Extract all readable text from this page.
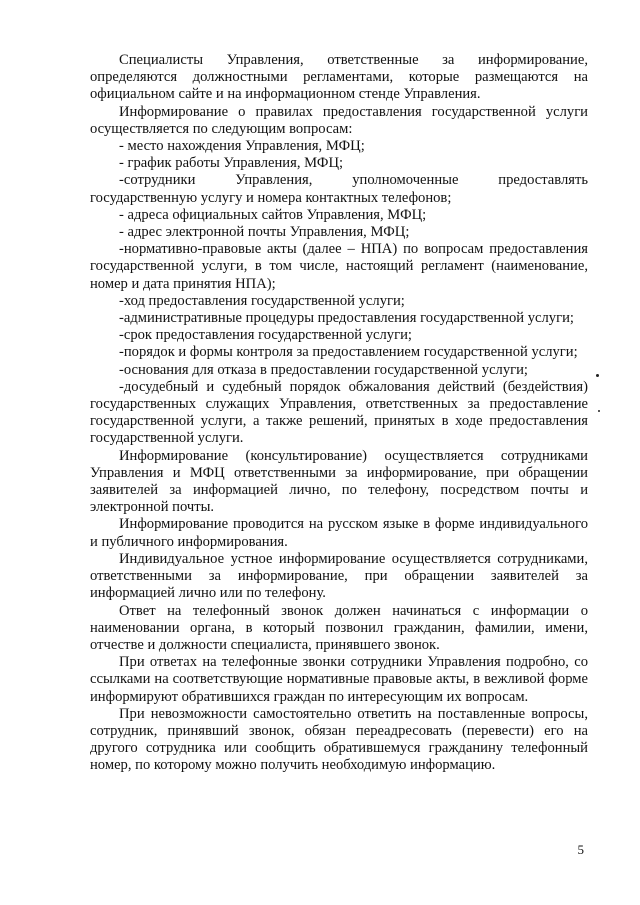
Специалисты Управления, ответственные за информирование, определяются должностными регламентами, которые размещаются на официальном сайте и на информационном стенде Управления.

Информирование о правилах предоставления государственной услуги осуществляется по следующим вопросам:

- место нахождения Управления, МФЦ;

- график работы Управления, МФЦ;

-сотрудники Управления, уполномоченные предоставлять государственную услугу и номера контактных телефонов;

- адреса официальных сайтов Управления, МФЦ;

- адрес электронной почты Управления, МФЦ;

-нормативно-правовые акты (далее – НПА) по вопросам предоставления государственной услуги, в том числе, настоящий регламент (наименование, номер и дата принятия НПА);

-ход предоставления государственной услуги;

-административные процедуры предоставления государственной услуги;

-срок предоставления государственной услуги;

-порядок и формы контроля за предоставлением государственной услуги;

-основания для отказа в предоставлении государственной услуги;

-досудебный и судебный порядок обжалования действий (бездействия) государственных служащих Управления, ответственных за предоставление государственной услуги, а также решений, принятых в ходе предоставления государственной услуги.

Информирование (консультирование) осуществляется сотрудниками Управления и МФЦ ответственными за информирование, при обращении заявителей за информацией лично, по телефону, посредством почты и электронной почты.

Информирование проводится на русском языке в форме индивидуального и публичного информирования.

Индивидуальное устное информирование осуществляется сотрудниками, ответственными за информирование, при обращении заявителей за информацией лично или по телефону.

Ответ на телефонный звонок должен начинаться с информации о наименовании органа, в который позвонил гражданин, фамилии, имени, отчестве и должности специалиста, принявшего звонок.

При ответах на телефонные звонки сотрудники Управления подробно, со ссылками на соответствующие нормативные правовые акты, в вежливой форме информируют обратившихся граждан по интересующим их вопросам.

При невозможности самостоятельно ответить на поставленные вопросы, сотрудник, принявший звонок, обязан переадресовать (перевести) его на другого сотрудника или сообщить обратившемуся гражданину телефонный номер, по которому можно получить необходимую информацию.

5
